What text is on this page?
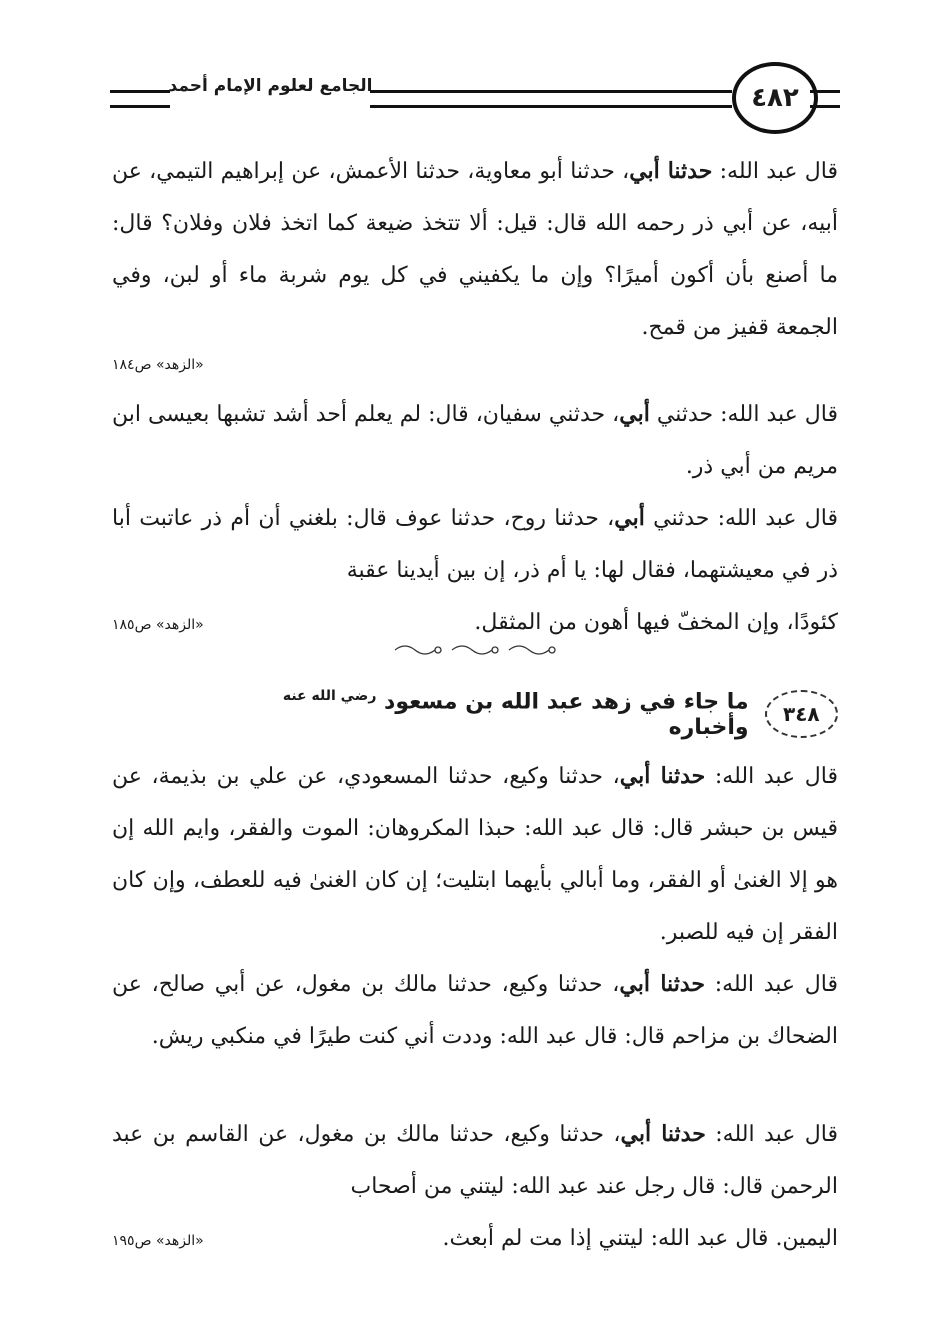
الجامع لعلوم الإمام أحمد	٤٨٢

قال عبد الله: حدثنا أبي، حدثنا أبو معاوية، حدثنا الأعمش، عن إبراهيم التيمي، عن أبيه، عن أبي ذر رحمه الله قال: قيل: ألا تتخذ ضيعة كما اتخذ فلان وفلان؟ قال: ما أصنع بأن أكون أميرًا؟ وإن ما يكفيني في كل يوم شربة ماء أو لبن، وفي الجمعة قفيز من قمح.

«الزهد» ص١٨٤

قال عبد الله: حدثني أبي، حدثني سفيان، قال: لم يعلم أحد أشد تشبها بعيسى ابن مريم من أبي ذر.

قال عبد الله: حدثني أبي، حدثنا روح، حدثنا عوف قال: بلغني أن أم ذر عاتبت أبا ذر في معيشتهما، فقال لها: يا أم ذر، إن بين أيدينا عقبة

كئودًا، وإن المخفّ فيها أهون من المثقل.
«الزهد» ص١٨٥
٣٤٨
ما جاء في زهد عبد الله بن مسعود $^{رضي الله عنه}$ وأخباره

قال عبد الله: حدثنا أبي، حدثنا وكيع، حدثنا المسعودي، عن علي بن بذيمة، عن قيس بن حبشر قال: قال عبد الله: حبذا المكروهان: الموت والفقر، وايم الله إن هو إلا الغنىٰ أو الفقر، وما أبالي بأيهما ابتليت؛ إن كان الغنىٰ فيه للعطف، وإن كان الفقر إن فيه للصبر.

قال عبد الله: حدثنا أبي، حدثنا وكيع، حدثنا مالك بن مغول، عن أبي صالح، عن الضحاك بن مزاحم قال: قال عبد الله: وددت أني كنت طيرًا في منكبي ريش.

قال عبد الله: حدثنا أبي، حدثنا وكيع، حدثنا مالك بن مغول، عن القاسم بن عبد الرحمن قال: قال رجل عند عبد الله: ليتني من أصحاب

اليمين. قال عبد الله: ليتني إذا مت لم أبعث.
«الزهد» ص١٩٥
